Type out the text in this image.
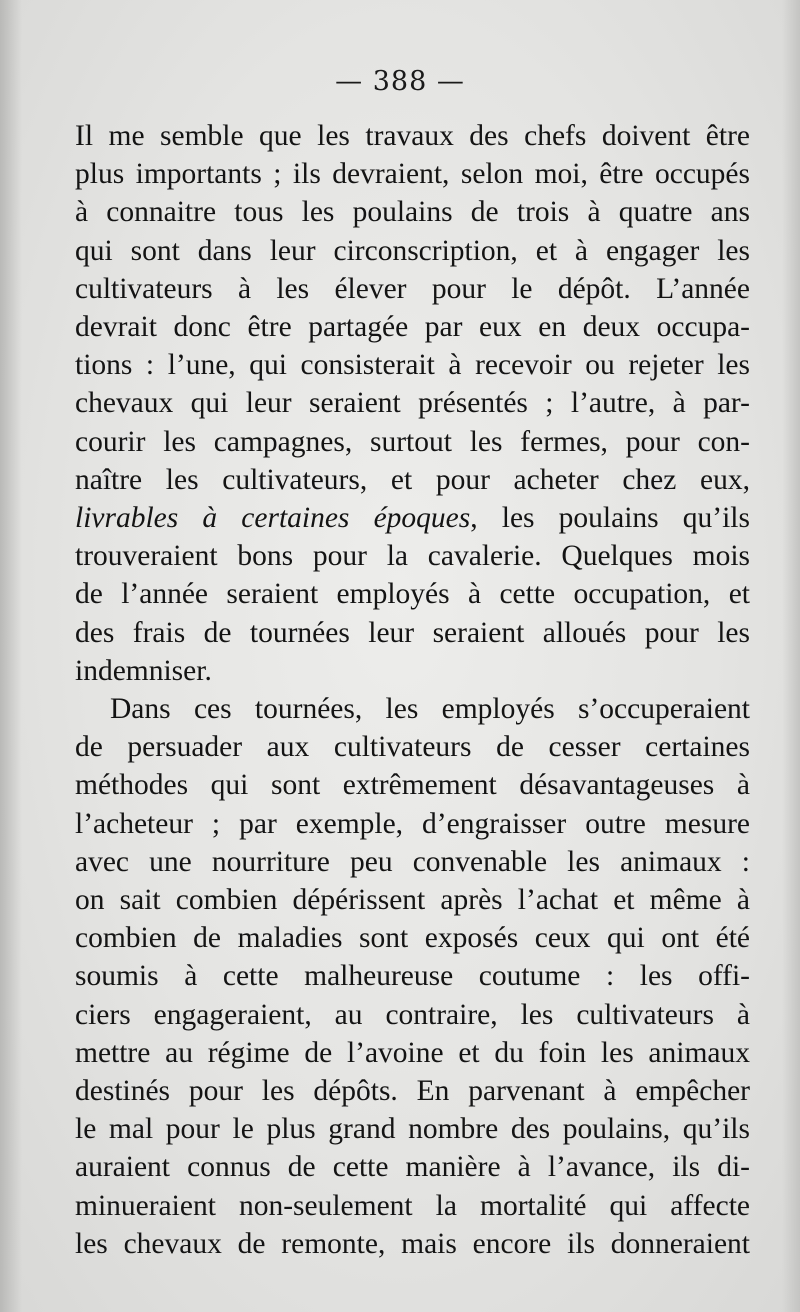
— 388 —
Il me semble que les travaux des chefs doivent être
plus importants ; ils devraient, selon moi, être occupés
à connaitre tous les poulains de trois à quatre ans
qui sont dans leur circonscription, et à engager les
cultivateurs à les élever pour le dépôt. L’année
devrait donc être partagée par eux en deux occupa-
tions : l’une, qui consisterait à recevoir ou rejeter les
chevaux qui leur seraient présentés ; l’autre, à par-
courir les campagnes, surtout les fermes, pour con-
naître les cultivateurs, et pour acheter chez eux,
livrables à certaines époques, les poulains qu’ils
trouveraient bons pour la cavalerie. Quelques mois
de l’année seraient employés à cette occupation, et
des frais de tournées leur seraient alloués pour les
indemniser.
Dans ces tournées, les employés s’occuperaient
de persuader aux cultivateurs de cesser certaines
méthodes qui sont extrêmement désavantageuses à
l’acheteur ; par exemple, d’engraisser outre mesure
avec une nourriture peu convenable les animaux :
on sait combien dépérissent après l’achat et même à
combien de maladies sont exposés ceux qui ont été
soumis à cette malheureuse coutume : les offi-
ciers engageraient, au contraire, les cultivateurs à
mettre au régime de l’avoine et du foin les animaux
destinés pour les dépôts. En parvenant à empêcher
le mal pour le plus grand nombre des poulains, qu’ils
auraient connus de cette manière à l’avance, ils di-
minueraient non-seulement la mortalité qui affecte
les chevaux de remonte, mais encore ils donneraient
